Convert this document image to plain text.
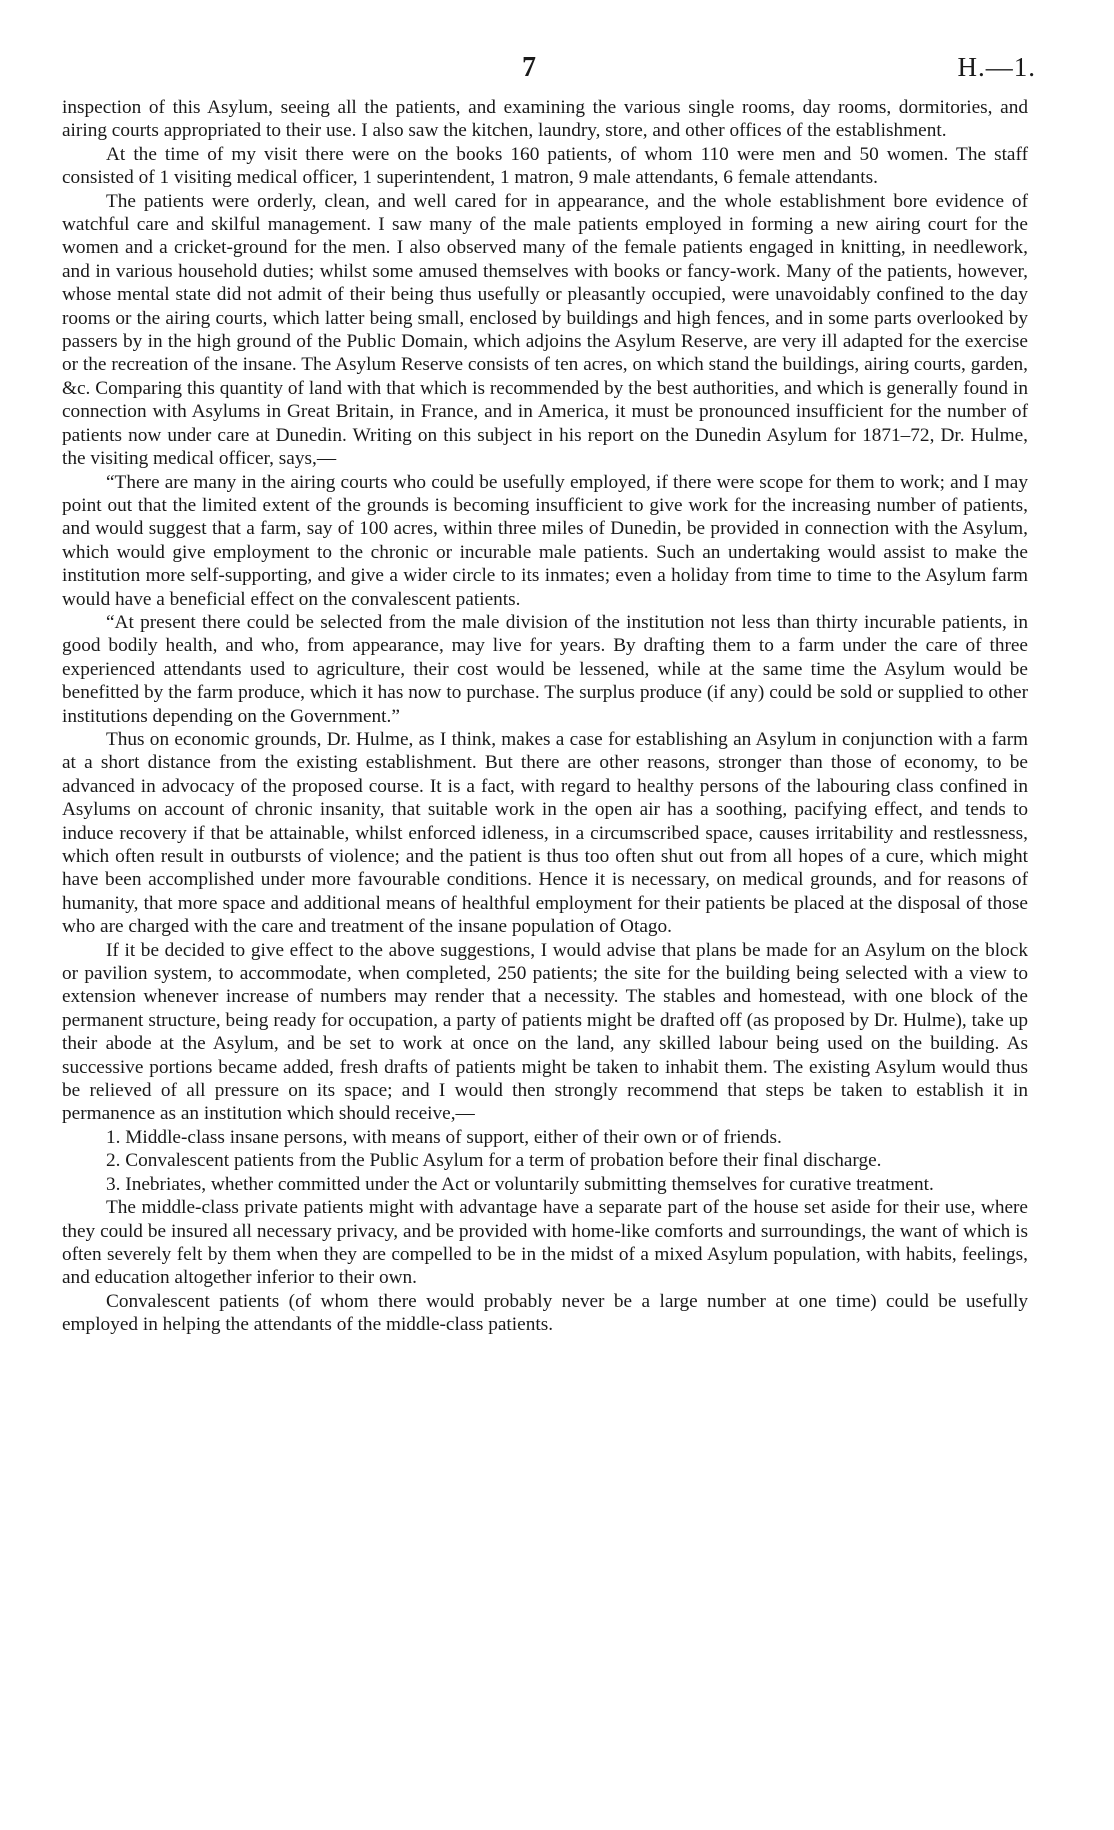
7	H.—1.

inspection of this Asylum, seeing all the patients, and examining the various single rooms, day rooms, dormitories, and airing courts appropriated to their use. I also saw the kitchen, laundry, store, and other offices of the establishment.

At the time of my visit there were on the books 160 patients, of whom 110 were men and 50 women. The staff consisted of 1 visiting medical officer, 1 superintendent, 1 matron, 9 male attendants, 6 female attendants.

The patients were orderly, clean, and well cared for in appearance, and the whole establishment bore evidence of watchful care and skilful management. I saw many of the male patients employed in forming a new airing court for the women and a cricket-ground for the men. I also observed many of the female patients engaged in knitting, in needlework, and in various household duties; whilst some amused themselves with books or fancy-work. Many of the patients, however, whose mental state did not admit of their being thus usefully or pleasantly occupied, were unavoidably confined to the day rooms or the airing courts, which latter being small, enclosed by buildings and high fences, and in some parts overlooked by passers by in the high ground of the Public Domain, which adjoins the Asylum Reserve, are very ill adapted for the exercise or the recreation of the insane. The Asylum Reserve consists of ten acres, on which stand the buildings, airing courts, garden, &c. Comparing this quantity of land with that which is recommended by the best authorities, and which is generally found in connection with Asylums in Great Britain, in France, and in America, it must be pronounced insufficient for the number of patients now under care at Dunedin. Writing on this subject in his report on the Dunedin Asylum for 1871–72, Dr. Hulme, the visiting medical officer, says,—

“There are many in the airing courts who could be usefully employed, if there were scope for them to work; and I may point out that the limited extent of the grounds is becoming insufficient to give work for the increasing number of patients, and would suggest that a farm, say of 100 acres, within three miles of Dunedin, be provided in connection with the Asylum, which would give employment to the chronic or incurable male patients. Such an undertaking would assist to make the institution more self-supporting, and give a wider circle to its inmates; even a holiday from time to time to the Asylum farm would have a beneficial effect on the convalescent patients.

“At present there could be selected from the male division of the institution not less than thirty incurable patients, in good bodily health, and who, from appearance, may live for years. By drafting them to a farm under the care of three experienced attendants used to agriculture, their cost would be lessened, while at the same time the Asylum would be benefitted by the farm produce, which it has now to purchase. The surplus produce (if any) could be sold or supplied to other institutions depending on the Government.”

Thus on economic grounds, Dr. Hulme, as I think, makes a case for establishing an Asylum in conjunction with a farm at a short distance from the existing establishment. But there are other reasons, stronger than those of economy, to be advanced in advocacy of the proposed course. It is a fact, with regard to healthy persons of the labouring class confined in Asylums on account of chronic insanity, that suitable work in the open air has a soothing, pacifying effect, and tends to induce recovery if that be attainable, whilst enforced idleness, in a circumscribed space, causes irritability and restlessness, which often result in outbursts of violence; and the patient is thus too often shut out from all hopes of a cure, which might have been accomplished under more favourable conditions. Hence it is necessary, on medical grounds, and for reasons of humanity, that more space and additional means of healthful employment for their patients be placed at the disposal of those who are charged with the care and treatment of the insane population of Otago.

If it be decided to give effect to the above suggestions, I would advise that plans be made for an Asylum on the block or pavilion system, to accommodate, when completed, 250 patients; the site for the building being selected with a view to extension whenever increase of numbers may render that a necessity. The stables and homestead, with one block of the permanent structure, being ready for occupation, a party of patients might be drafted off (as proposed by Dr. Hulme), take up their abode at the Asylum, and be set to work at once on the land, any skilled labour being used on the building. As successive portions became added, fresh drafts of patients might be taken to inhabit them. The existing Asylum would thus be relieved of all pressure on its space; and I would then strongly recommend that steps be taken to establish it in permanence as an institution which should receive,—

1. Middle-class insane persons, with means of support, either of their own or of friends.

2. Convalescent patients from the Public Asylum for a term of probation before their final discharge.

3. Inebriates, whether committed under the Act or voluntarily submitting themselves for curative treatment.

The middle-class private patients might with advantage have a separate part of the house set aside for their use, where they could be insured all necessary privacy, and be provided with home-like comforts and surroundings, the want of which is often severely felt by them when they are compelled to be in the midst of a mixed Asylum population, with habits, feelings, and education altogether inferior to their own.

Convalescent patients (of whom there would probably never be a large number at one time) could be usefully employed in helping the attendants of the middle-class patients.
